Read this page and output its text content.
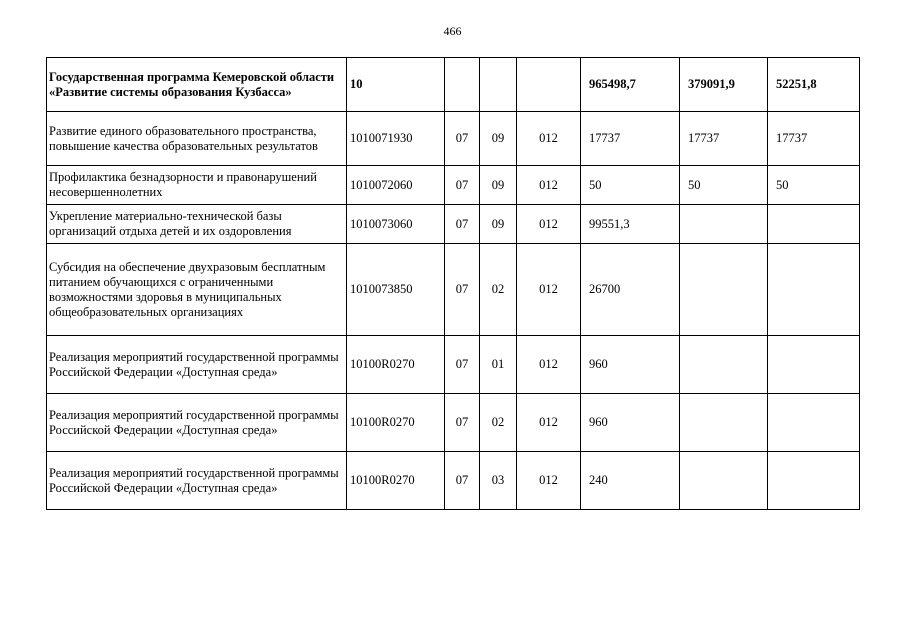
466
Государственная программа Кемеровской области «Развитие системы образования Кузбасса»	10				965498,7	379091,9	52251,8
Развитие единого образовательного пространства, повышение качества образовательных результатов	1010071930	07	09	012	17737	17737	17737
Профилактика безнадзорности и правонарушений несовершеннолетних	1010072060	07	09	012	50	50	50
Укрепление материально-технической базы организаций отдыха детей и их оздоровления	1010073060	07	09	012	99551,3		
Субсидия на обеспечение двухразовым бесплатным питанием обучающихся с ограниченными возможностями здоровья в муниципальных общеобразовательных организациях	1010073850	07	02	012	26700		
Реализация мероприятий государственной программы Российской Федерации «Доступная среда»	10100R0270	07	01	012	960		
Реализация мероприятий государственной программы Российской Федерации «Доступная среда»	10100R0270	07	02	012	960		
Реализация мероприятий государственной программы Российской Федерации «Доступная среда»	10100R0270	07	03	012	240		
